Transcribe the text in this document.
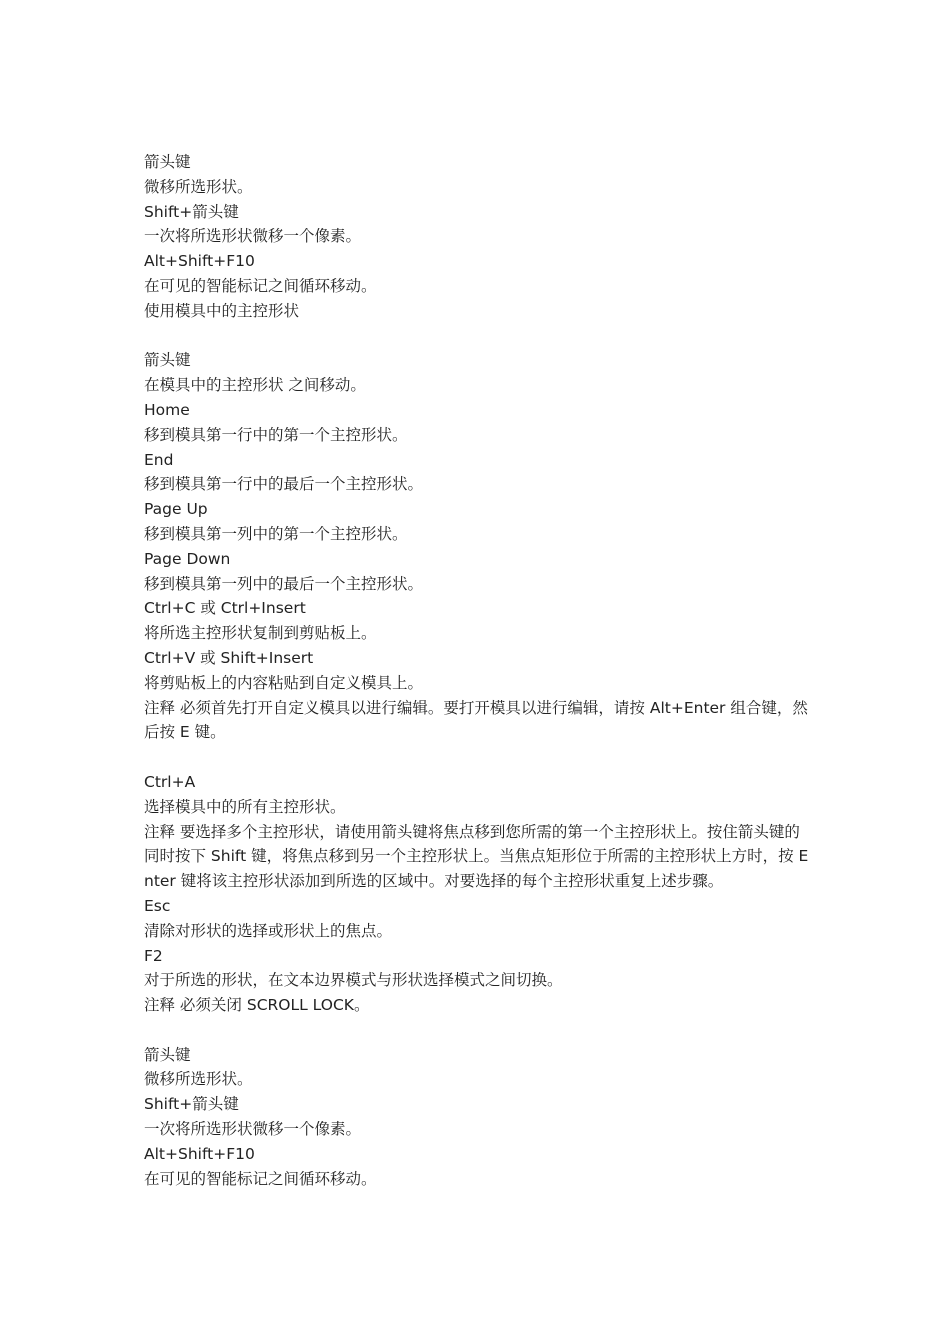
箭头键

微移所选形状。

Shift+箭头键

一次将所选形状微移一个像素。

Alt+Shift+F10

在可见的智能标记之间循环移动。

使用模具中的主控形状

箭头键

在模具中的主控形状 之间移动。

Home

移到模具第一行中的第一个主控形状。

End

移到模具第一行中的最后一个主控形状。

Page Up

移到模具第一列中的第一个主控形状。

Page Down

移到模具第一列中的最后一个主控形状。

Ctrl+C 或 Ctrl+Insert

将所选主控形状复制到剪贴板上。

Ctrl+V 或 Shift+Insert

将剪贴板上的内容粘贴到自定义模具上。

注释 必须首先打开自定义模具以进行编辑。要打开模具以进行编辑，请按 Alt+Enter 组合键，然后按 E 键。

Ctrl+A

选择模具中的所有主控形状。

注释 要选择多个主控形状，请使用箭头键将焦点移到您所需的第一个主控形状上。按住箭头键的同时按下 Shift 键，将焦点移到另一个主控形状上。当焦点矩形位于所需的主控形状上方时，按 Enter 键将该主控形状添加到所选的区域中。对要选择的每个主控形状重复上述步骤。

Esc

清除对形状的选择或形状上的焦点。

F2

对于所选的形状，在文本边界模式与形状选择模式之间切换。

注释 必须关闭 SCROLL LOCK。

箭头键

微移所选形状。

Shift+箭头键

一次将所选形状微移一个像素。

Alt+Shift+F10

在可见的智能标记之间循环移动。
